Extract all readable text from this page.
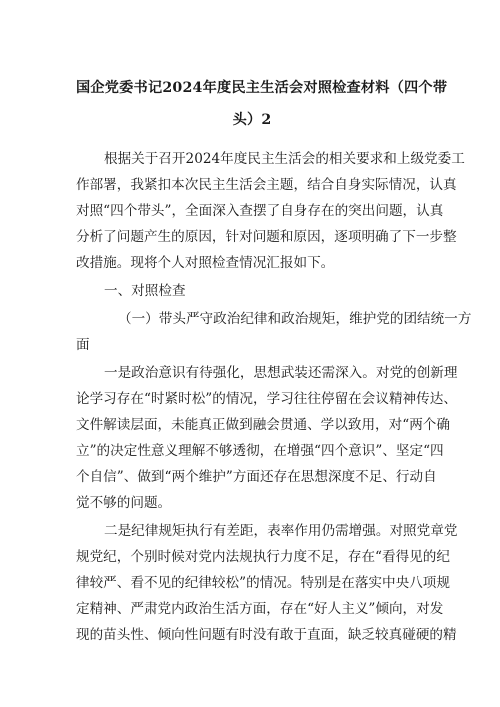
国企党委书记2024年度民主生活会对照检查材料（四个带

头）2

根据关于召开2024年度民主生活会的相关要求和上级党委工

作部署，我紧扣本次民主生活会主题，结合自身实际情况，认真

对照“四个带头”，全面深入查摆了自身存在的突出问题，认真

分析了问题产生的原因，针对问题和原因，逐项明确了下一步整

改措施。现将个人对照检查情况汇报如下。

一、对照检查

（一）带头严守政治纪律和政治规矩，维护党的团结统一方

面

一是政治意识有待强化，思想武装还需深入。对党的创新理

论学习存在“时紧时松”的情况，学习往往停留在会议精神传达、

文件解读层面，未能真正做到融会贯通、学以致用，对“两个确

立”的决定性意义理解不够透彻，在增强“四个意识”、坚定“四

个自信”、做到“两个维护”方面还存在思想深度不足、行动自

觉不够的问题。

二是纪律规矩执行有差距，表率作用仍需增强。对照党章党

规党纪，个别时候对党内法规执行力度不足，存在“看得见的纪

律较严、看不见的纪律较松”的情况。特别是在落实中央八项规

定精神、严肃党内政治生活方面，存在“好人主义”倾向，对发

现的苗头性、倾向性问题有时没有敢于直面，缺乏较真碰硬的精
